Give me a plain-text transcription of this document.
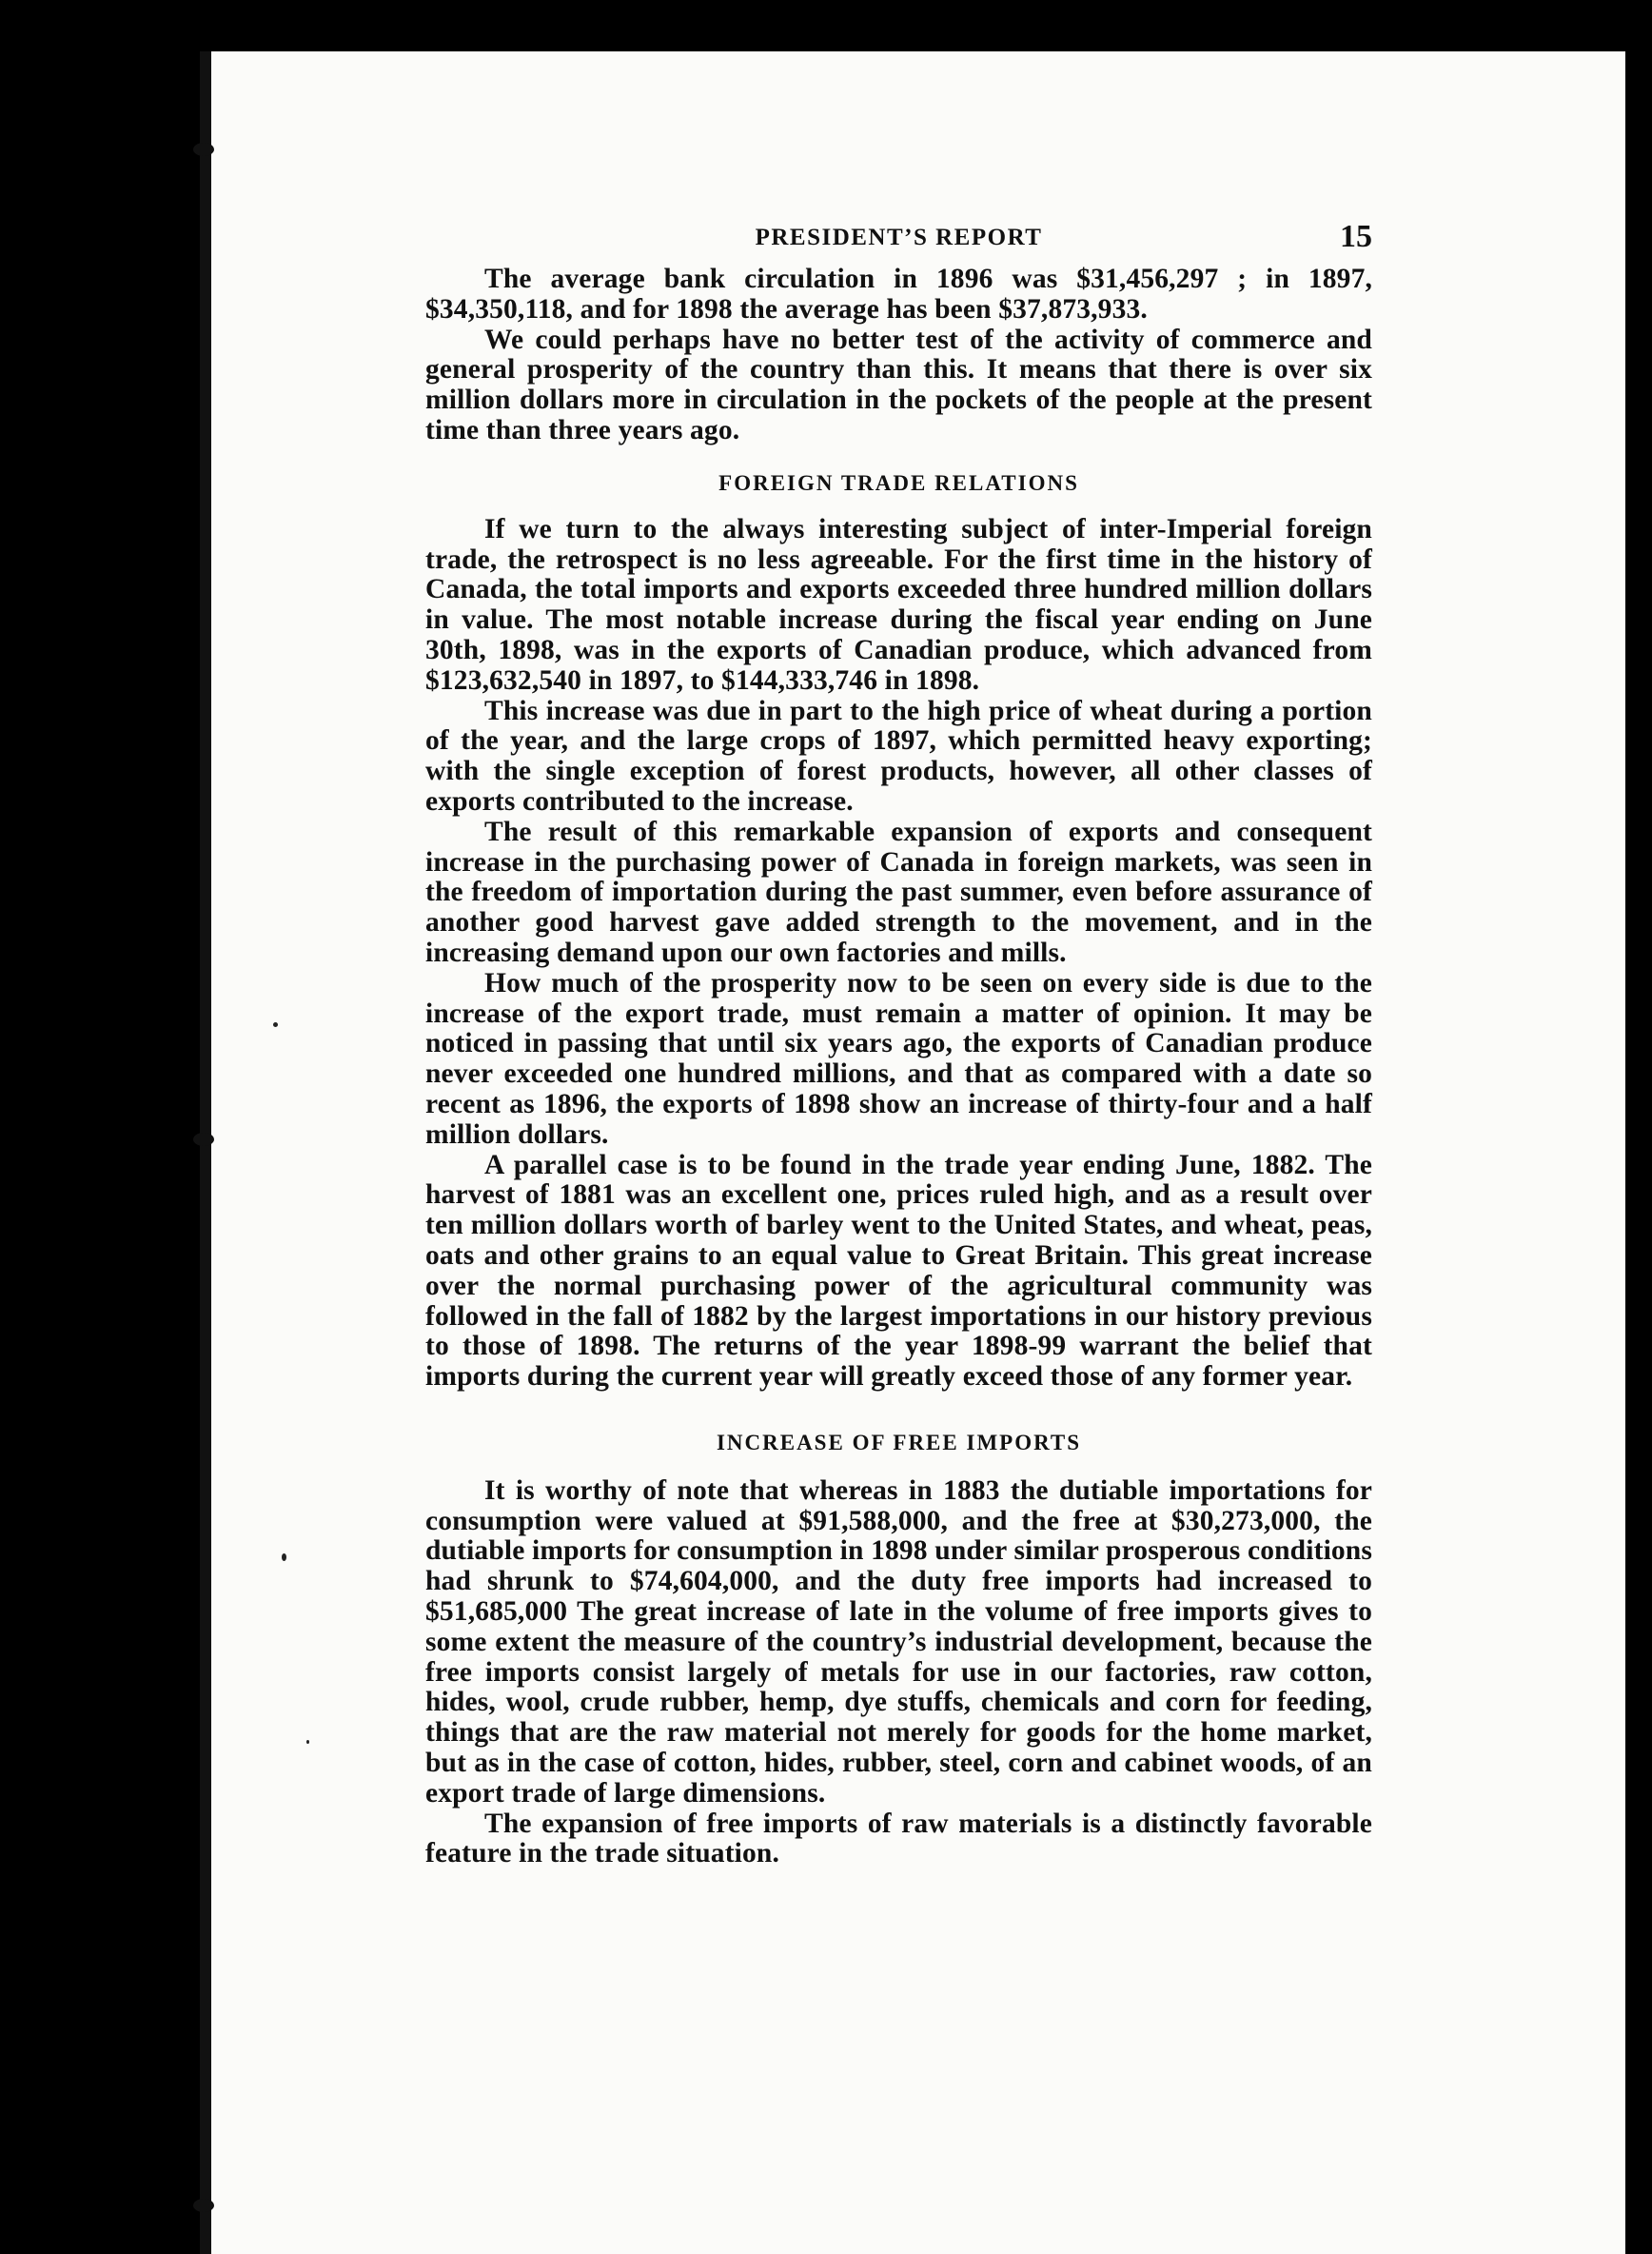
PRESIDENT’S REPORT	15

The average bank circulation in 1896 was $31,456,297 ; in 1897, $34,350,118, and for 1898 the average has been $37,873,933.

We could perhaps have no better test of the activity of commerce and general prosperity of the country than this. It means that there is over six million dollars more in circulation in the pockets of the people at the present time than three years ago.

FOREIGN TRADE RELATIONS

If we turn to the always interesting subject of inter-Imperial foreign trade, the retrospect is no less agreeable. For the first time in the history of Canada, the total imports and exports exceeded three hundred million dollars in value. The most notable increase during the fiscal year ending on June 30th, 1898, was in the exports of Canadian produce, which advanced from $123,632,540 in 1897, to $144,333,746 in 1898.

This increase was due in part to the high price of wheat during a portion of the year, and the large crops of 1897, which permitted heavy exporting; with the single exception of forest products, however, all other classes of exports contributed to the increase.

The result of this remarkable expansion of exports and consequent increase in the purchasing power of Canada in foreign markets, was seen in the freedom of importation during the past summer, even before assurance of another good harvest gave added strength to the movement, and in the increasing demand upon our own factories and mills.

How much of the prosperity now to be seen on every side is due to the increase of the export trade, must remain a matter of opinion. It may be noticed in passing that until six years ago, the exports of Canadian produce never exceeded one hundred millions, and that as compared with a date so recent as 1896, the exports of 1898 show an increase of thirty-four and a half million dollars.

A parallel case is to be found in the trade year ending June, 1882. The harvest of 1881 was an excellent one, prices ruled high, and as a result over ten million dollars worth of barley went to the United States, and wheat, peas, oats and other grains to an equal value to Great Britain. This great increase over the normal purchasing power of the agricultural community was followed in the fall of 1882 by the largest importations in our history previous to those of 1898. The returns of the year 1898-99 warrant the belief that imports during the current year will greatly exceed those of any former year.

INCREASE OF FREE IMPORTS

It is worthy of note that whereas in 1883 the dutiable importations for consumption were valued at $91,588,000, and the free at $30,273,000, the dutiable imports for consumption in 1898 under similar prosperous conditions had shrunk to $74,604,000, and the duty free imports had increased to $51,685,000 The great increase of late in the volume of free imports gives to some extent the measure of the country’s industrial development, because the free imports consist largely of metals for use in our factories, raw cotton, hides, wool, crude rubber, hemp, dye stuffs, chemicals and corn for feeding, things that are the raw material not merely for goods for the home market, but as in the case of cotton, hides, rubber, steel, corn and cabinet woods, of an export trade of large dimensions.

The expansion of free imports of raw materials is a distinctly favorable feature in the trade situation.
